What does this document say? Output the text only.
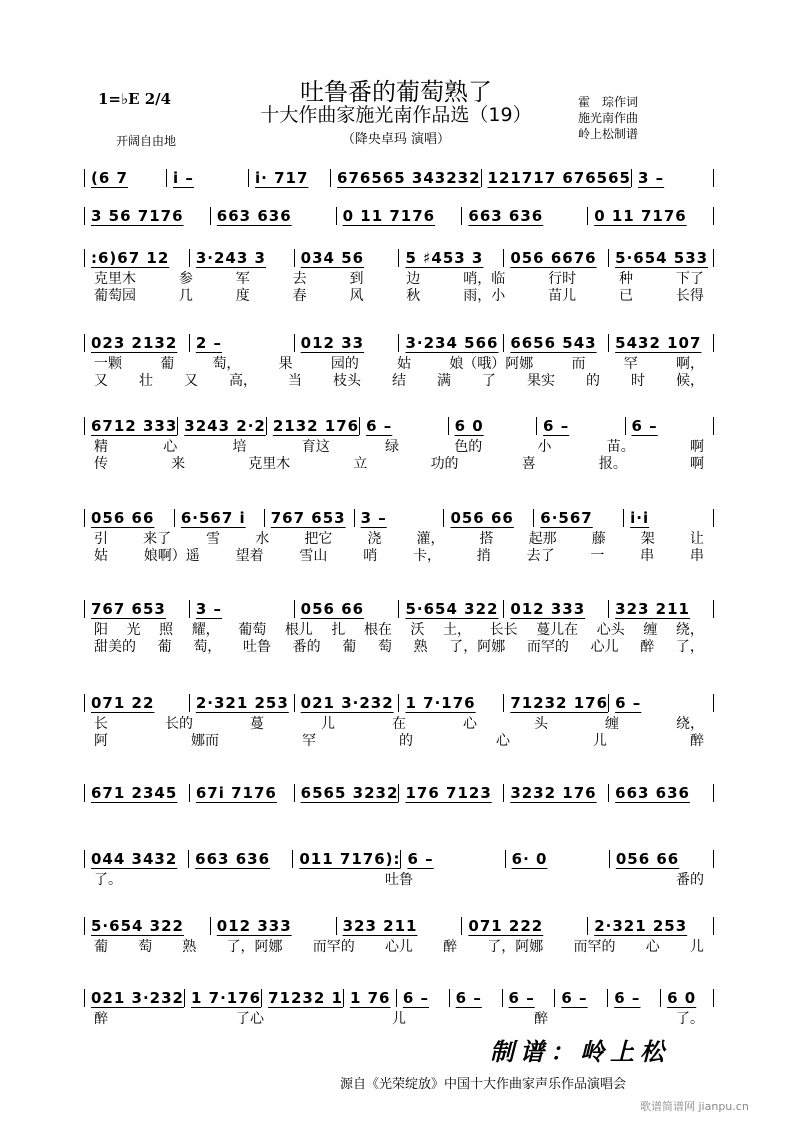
1=♭E 2/4	吐鲁番的葡萄熟了
十大作曲家施光南作品选（19）
（降央卓玛 演唱）
开阔自由地
霍　琮作词
施光南作曲
岭上松制谱
(6 7	i –	i· 717	676565 343232 121717 676565 3 –
3 56 7176	663 636	0 11 7176	663 636	0 11 7176
:6)67 12	3·243 3	034 56	5 ♯453 3	056 6676	5·654 533
克里木	参	军	去	到	边	哨，临	行时	种	下了
葡萄园	几	度	春	风	秋	雨，小	苗儿	已	长得
023 2132	2 –	012 33	3·234 566 6656 543	5432 107
一颗	葡	萄，	果	园的	姑	娘（哦）阿娜	而	罕	啊，
又 壮 又 高， 当 枝头 结 满 了 果实 的 时 候，
6712 333 3243 2·2 2132 176 6 –	6 0	6 –	6 –
精	心	培	育这	绿	色的	小	苗。	啊
传	来	克里木	立	功的	喜	报。	啊
056 66	6·567 i	767 653	3 –	056 66	6·567	i·i
引	来了	雪	水	把它	浇	灌，	搭	起那	藤	架	让
姑	娘啊）遥	望着	雪山	哨	卡，	捎	去了	一	串	串
767 653	3 –	056 66	5·654 322 012 333	323 211
阳 光 照 耀， 葡萄 根儿 扎 根在 沃 土， 长长 蔓儿在 心头 缠 绕，
甜美的 葡 萄， 吐鲁 番的 葡 萄 熟 了，阿娜 而罕的 心儿 醉 了，
071 22	2·321 253 021 3·232 1 7·176	71232 176 6 –
长	长的	蔓	儿	在	心	头	缠	绕，
阿	娜而	罕	的	心	儿	醉
671 2345	67i 7176	6565 3232 176 7123	3232 176	663 636
044 3432	663 636	011 7176): 6 –	6· 0	056 66
了。	吐鲁	番的
5·654 322	012 333	323 211	071 222	2·321 253
葡 萄 熟 了，阿娜 而罕的 心儿 醉 了，阿娜 而罕的 心 儿
021 3·232 1 7·176 71232 1 1 76 6 –	6 –	6 –	6 –	6 –	6 0
醉	了心	儿	醉	了。
制谱：岭上松
源自《光荣绽放》中国十大作曲家声乐作品演唱会
歌谱简谱网 jianpu.cn
